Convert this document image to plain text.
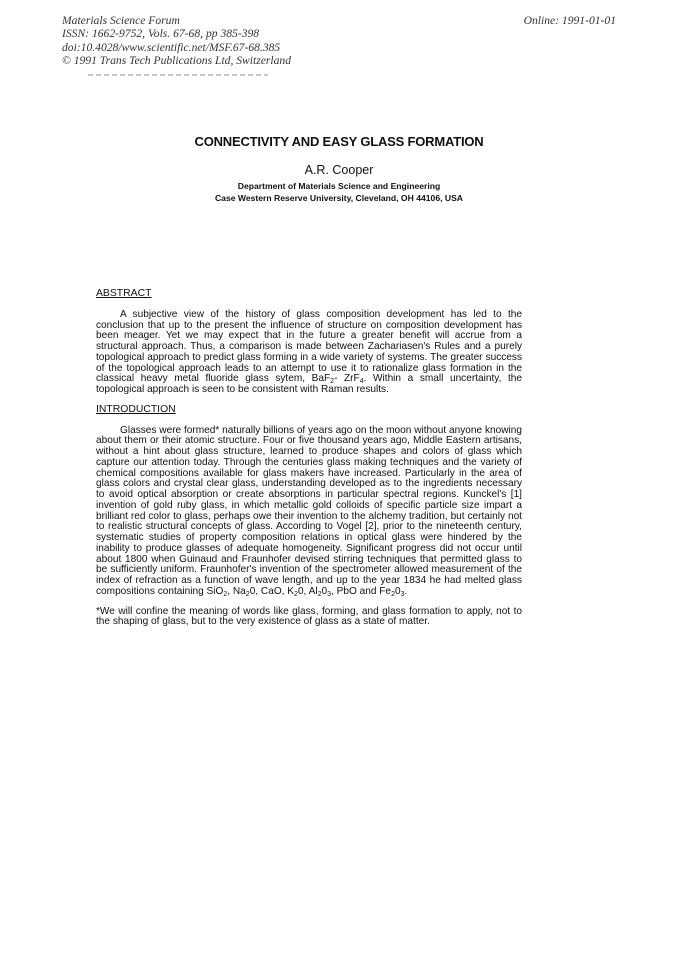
Materials Science Forum
ISSN: 1662-9752, Vols. 67-68, pp 385-398
doi:10.4028/www.scientific.net/MSF.67-68.385
© 1991 Trans Tech Publications Ltd, Switzerland
Online: 1991-01-01
CONNECTIVITY AND EASY GLASS FORMATION
A.R. Cooper
Department of Materials Science and Engineering
Case Western Reserve University, Cleveland, OH 44106, USA
ABSTRACT

A subjective view of the history of glass composition development has led to the conclusion that up to the present the influence of structure on composition development has been meager. Yet we may expect that in the future a greater benefit will accrue from a structural approach. Thus, a comparison is made between Zachariasen's Rules and a purely topological approach to predict glass forming in a wide variety of systems. The greater success of the topological approach leads to an attempt to use it to rationalize glass formation in the classical heavy metal fluoride glass sytem, BaF$_2$- ZrF$_4$. Within a small uncertainty, the topological approach is seen to be consistent with Raman results.

INTRODUCTION

Glasses were formed* naturally billions of years ago on the moon without anyone knowing about them or their atomic structure. Four or five thousand years ago, Middle Eastern artisans, without a hint about glass structure, learned to produce shapes and colors of glass which capture our attention today. Through the centuries glass making techniques and the variety of chemical compositions available for glass makers have increased. Particularly in the area of glass colors and crystal clear glass, understanding developed as to the ingredients necessary to avoid optical absorption or create absorptions in particular spectral regions. Kunckel's [1] invention of gold ruby glass, in which metallic gold colloids of specific particle size impart a brilliant red color to glass, perhaps owe their invention to the alchemy tradition, but certainly not to realistic structural concepts of glass. According to Vogel [2], prior to the nineteenth century, systematic studies of property composition relations in optical glass were hindered by the inability to produce glasses of adequate homogeneity. Significant progress did not occur until about 1800 when Guinaud and Fraunhofer devised stirring techniques that permitted glass to be sufficiently uniform. Fraunhofer's invention of the spectrometer allowed measurement of the index of refraction as a function of wave length, and up to the year 1834 he had melted glass compositions containing SiO$_2$, $Na_20$, CaO, $K_20$, $Al_20_3$, PbO and $Fe_20_3$.

*We will confine the meaning of words like glass, forming, and glass formation to apply, not to the shaping of glass, but to the very existence of glass as a state of matter.
